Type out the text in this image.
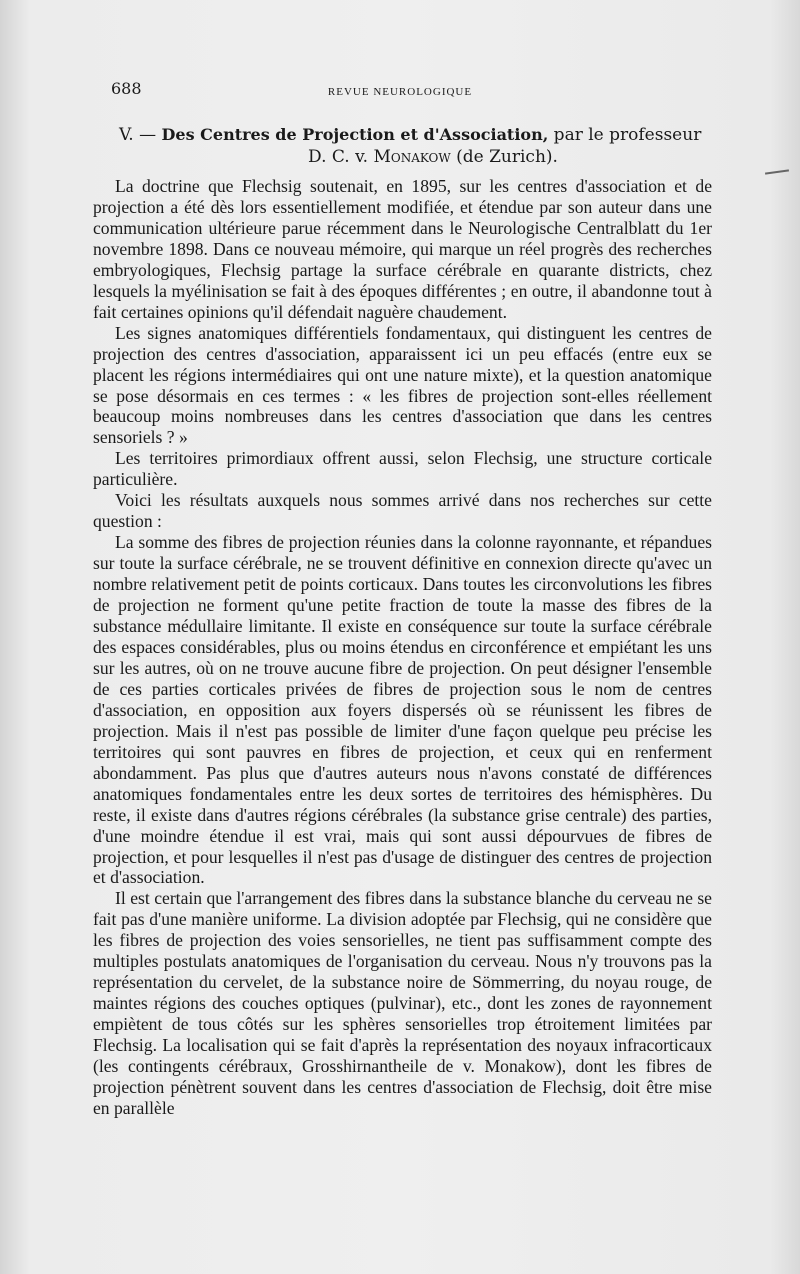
688	REVUE NEUROLOGIQUE
V. — Des Centres de Projection et d'Association, par le professeur
D. C. v. Monakow (de Zurich).

La doctrine que Flechsig soutenait, en 1895, sur les centres d'association et de projection a été dès lors essentiellement modifiée, et étendue par son auteur dans une communication ultérieure parue récemment dans le Neurologische Centralblatt du 1er novembre 1898. Dans ce nouveau mémoire, qui marque un réel progrès des recherches embryologiques, Flechsig partage la surface cérébrale en quarante districts, chez lesquels la myélinisation se fait à des époques différentes ; en outre, il abandonne tout à fait certaines opinions qu'il défendait naguère chaudement.

Les signes anatomiques différentiels fondamentaux, qui distinguent les centres de projection des centres d'association, apparaissent ici un peu effacés (entre eux se placent les régions intermédiaires qui ont une nature mixte), et la question anatomique se pose désormais en ces termes : « les fibres de projection sont-elles réellement beaucoup moins nombreuses dans les centres d'association que dans les centres sensoriels ? »

Les territoires primordiaux offrent aussi, selon Flechsig, une structure corticale particulière.

Voici les résultats auxquels nous sommes arrivé dans nos recherches sur cette question :

La somme des fibres de projection réunies dans la colonne rayonnante, et répandues sur toute la surface cérébrale, ne se trouvent définitive en connexion directe qu'avec un nombre relativement petit de points corticaux. Dans toutes les circonvolutions les fibres de projection ne forment qu'une petite fraction de toute la masse des fibres de la substance médullaire limitante. Il existe en conséquence sur toute la surface cérébrale des espaces considérables, plus ou moins étendus en circonférence et empiétant les uns sur les autres, où on ne trouve aucune fibre de projection. On peut désigner l'ensemble de ces parties corticales privées de fibres de projection sous le nom de centres d'association, en opposition aux foyers dispersés où se réunissent les fibres de projection. Mais il n'est pas possible de limiter d'une façon quelque peu précise les territoires qui sont pauvres en fibres de projection, et ceux qui en renferment abondamment. Pas plus que d'autres auteurs nous n'avons constaté de différences anatomiques fondamentales entre les deux sortes de territoires des hémisphères. Du reste, il existe dans d'autres régions cérébrales (la substance grise centrale) des parties, d'une moindre étendue il est vrai, mais qui sont aussi dépourvues de fibres de projection, et pour lesquelles il n'est pas d'usage de distinguer des centres de projection et d'association.

Il est certain que l'arrangement des fibres dans la substance blanche du cerveau ne se fait pas d'une manière uniforme. La division adoptée par Flechsig, qui ne considère que les fibres de projection des voies sensorielles, ne tient pas suffisamment compte des multiples postulats anatomiques de l'organisation du cerveau. Nous n'y trouvons pas la représentation du cervelet, de la substance noire de Sömmerring, du noyau rouge, de maintes régions des couches optiques (pulvinar), etc., dont les zones de rayonnement empiètent de tous côtés sur les sphères sensorielles trop étroitement limitées par Flechsig. La localisation qui se fait d'après la représentation des noyaux infracorticaux (les contingents cérébraux, Grosshirnantheile de v. Monakow), dont les fibres de projection pénètrent souvent dans les centres d'association de Flechsig, doit être mise en parallèle
